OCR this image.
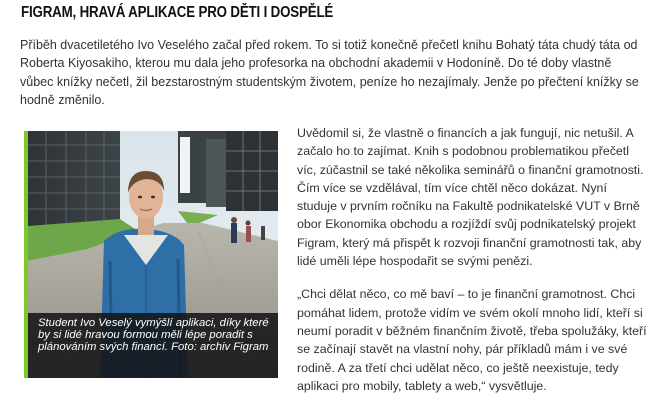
FIGRAM, HRAVÁ APLIKACE PRO DĚTI I DOSPĚLÉ

Příběh dvacetiletého Ivo Veselého začal před rokem. To si totiž konečně přečetl knihu Bohatý táta chudý táta od Roberta Kiyosakiho, kterou mu dala jeho profesorka na obchodní akademii v Hodoníně. Do té doby vlastně vůbec knížky nečetl, žil bezstarostným studentským životem, peníze ho nezajímaly. Jenže po přečtení knížky se hodně změnilo.

Student Ivo Veselý vymýšlí aplikaci, díky které by si lidé hravou formou měli lépe poradit s plánováním svých financí. Foto: archiv Figram

Uvědomil si, že vlastně o financích a jak fungují, nic netušil. A začalo ho to zajímat. Knih s podobnou problematikou přečetl víc, zúčastnil se také několika seminářů o finanční gramotnosti. Čím více se vzdělával, tím více chtěl něco dokázat. Nyní studuje v prvním ročníku na Fakultě podnikatelské VUT v Brně obor Ekonomika obchodu a rozjíždí svůj podnikatelský projekt Figram, který má přispět k rozvoji finanční gramotnosti tak, aby lidé uměli lépe hospodařit se svými penězi.

„Chci dělat něco, co mě baví – to je finanční gramotnost. Chci pomáhat lidem, protože vidím ve svém okolí mnoho lidí, kteří si neumí poradit v běžném finančním životě, třeba spolužáky, kteří se začínají stavět na vlastní nohy, pár příkladů mám i ve své rodině. A za třetí chci udělat něco, co ještě neexistuje, tedy aplikaci pro mobily, tablety a web,“ vysvětluje.
